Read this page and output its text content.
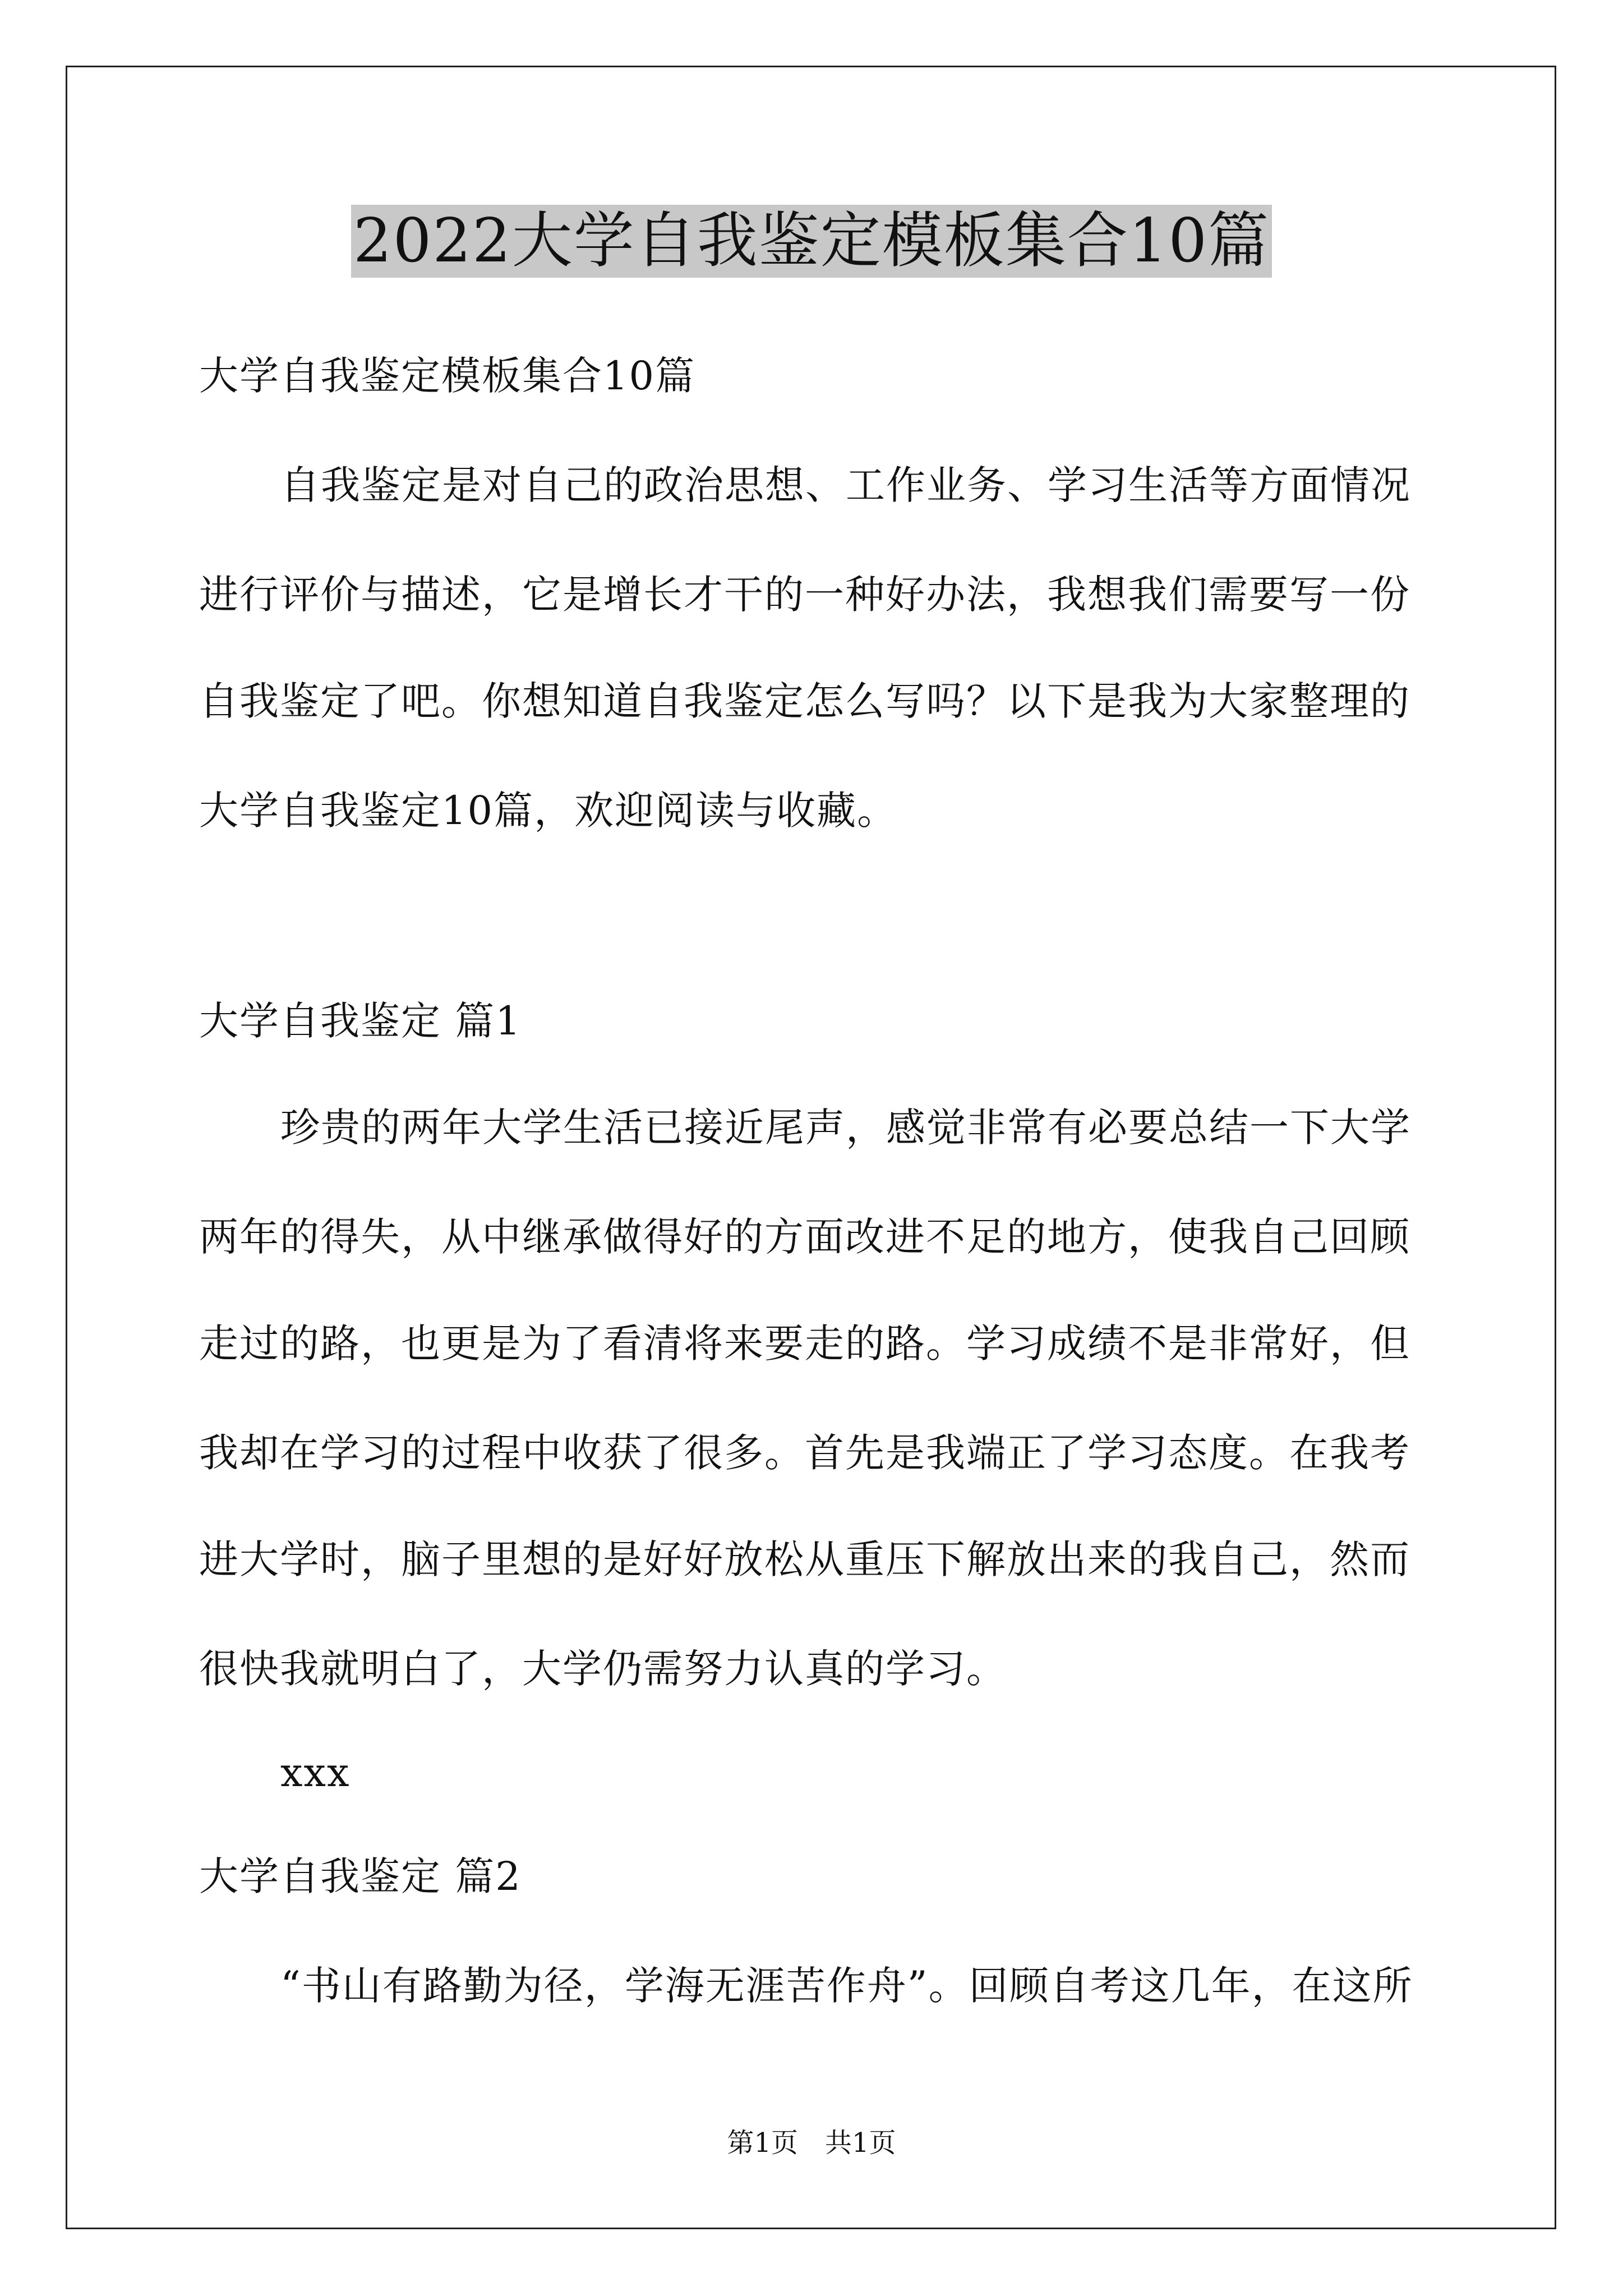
2022大学自我鉴定模板集合10篇
大学自我鉴定模板集合10篇
自我鉴定是对自己的政治思想、工作业务、学习生活等方面情况
进行评价与描述，它是增长才干的一种好办法，我想我们需要写一份
自我鉴定了吧。你想知道自我鉴定怎么写吗？以下是我为大家整理的
大学自我鉴定10篇，欢迎阅读与收藏。
大学自我鉴定 篇1
珍贵的两年大学生活已接近尾声，感觉非常有必要总结一下大学
两年的得失，从中继承做得好的方面改进不足的地方，使我自己回顾
走过的路，也更是为了看清将来要走的路。学习成绩不是非常好，但
我却在学习的过程中收获了很多。首先是我端正了学习态度。在我考
进大学时，脑子里想的是好好放松从重压下解放出来的我自己，然而
很快我就明白了，大学仍需努力认真的学习。
xxx
大学自我鉴定 篇2
“书山有路勤为径，学海无涯苦作舟”。回顾自考这几年，在这所
第1页　共1页
